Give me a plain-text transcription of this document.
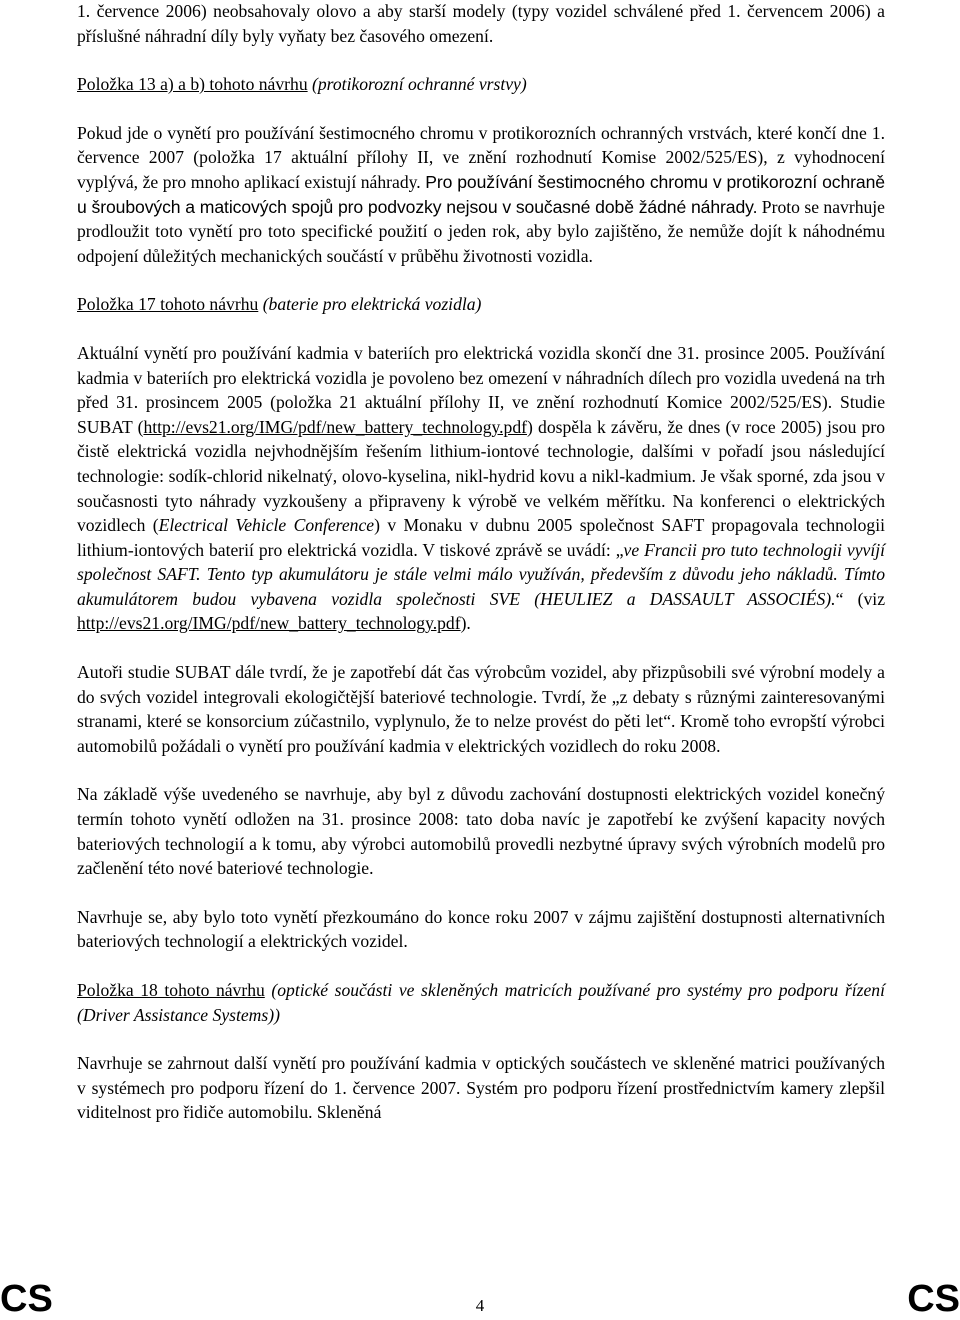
1. července 2006) neobsahovaly olovo a aby starší modely (typy vozidel schválené před 1. červencem 2006) a příslušné náhradní díly byly vyňaty bez časového omezení.

Položka 13 a) a b) tohoto návrhu (protikorozní ochranné vrstvy)

Pokud jde o vynětí pro používání šestimocného chromu v protikorozních ochranných vrstvách, které končí dne 1. července 2007 (položka 17 aktuální přílohy II, ve znění rozhodnutí Komise 2002/525/ES), z vyhodnocení vyplývá, že pro mnoho aplikací existují náhrady. Pro používání šestimocného chromu v protikorozní ochraně u šroubových a maticových spojů pro podvozky nejsou v současné době žádné náhrady. Proto se navrhuje prodloužit toto vynětí pro toto specifické použití o jeden rok, aby bylo zajištěno, že nemůže dojít k náhodnému odpojení důležitých mechanických součástí v průběhu životnosti vozidla.

Položka 17 tohoto návrhu (baterie pro elektrická vozidla)

Aktuální vynětí pro používání kadmia v bateriích pro elektrická vozidla skončí dne 31. prosince 2005. Používání kadmia v bateriích pro elektrická vozidla je povoleno bez omezení v náhradních dílech pro vozidla uvedená na trh před 31. prosincem 2005 (položka 21 aktuální přílohy II, ve znění rozhodnutí Komice 2002/525/ES). Studie SUBAT (http://evs21.org/IMG/pdf/new_battery_technology.pdf) dospěla k závěru, že dnes (v roce 2005) jsou pro čistě elektrická vozidla nejvhodnějším řešením lithium-iontové technologie, dalšími v pořadí jsou následující technologie: sodík-chlorid nikelnatý, olovo-kyselina, nikl-hydrid kovu a nikl-kadmium. Je však sporné, zda jsou v současnosti tyto náhrady vyzkoušeny a připraveny k výrobě ve velkém měřítku. Na konferenci o elektrických vozidlech (Electrical Vehicle Conference) v Monaku v dubnu 2005 společnost SAFT propagovala technologii lithium-iontových baterií pro elektrická vozidla. V tiskové zprávě se uvádí: „ve Francii pro tuto technologii vyvíjí společnost SAFT. Tento typ akumulátoru je stále velmi málo využíván, především z důvodu jeho nákladů. Tímto akumulátorem budou vybavena vozidla společnosti SVE (HEULIEZ a DASSAULT ASSOCIÉS).“ (viz http://evs21.org/IMG/pdf/new_battery_technology.pdf).

Autoři studie SUBAT dále tvrdí, že je zapotřebí dát čas výrobcům vozidel, aby přizpůsobili své výrobní modely a do svých vozidel integrovali ekologičtější bateriové technologie. Tvrdí, že „z debaty s různými zainteresovanými stranami, které se konsorcium zúčastnilo, vyplynulo, že to nelze provést do pěti let“. Kromě toho evropští výrobci automobilů požádali o vynětí pro používání kadmia v elektrických vozidlech do roku 2008.

Na základě výše uvedeného se navrhuje, aby byl z důvodu zachování dostupnosti elektrických vozidel konečný termín tohoto vynětí odložen na 31. prosince 2008: tato doba navíc je zapotřebí ke zvýšení kapacity nových bateriových technologií a k tomu, aby výrobci automobilů provedli nezbytné úpravy svých výrobních modelů pro začlenění této nové bateriové technologie.

Navrhuje se, aby bylo toto vynětí přezkoumáno do konce roku 2007 v zájmu zajištění dostupnosti alternativních bateriových technologií a elektrických vozidel.

Položka 18 tohoto návrhu (optické součásti ve skleněných matricích používané pro systémy pro podporu řízení (Driver Assistance Systems))

Navrhuje se zahrnout další vynětí pro používání kadmia v optických součástech ve skleněné matrici používaných v systémech pro podporu řízení do 1. července 2007. Systém pro podporu řízení prostřednictvím kamery zlepšil viditelnost pro řidiče automobilu. Skleněná

CS	4	CS
